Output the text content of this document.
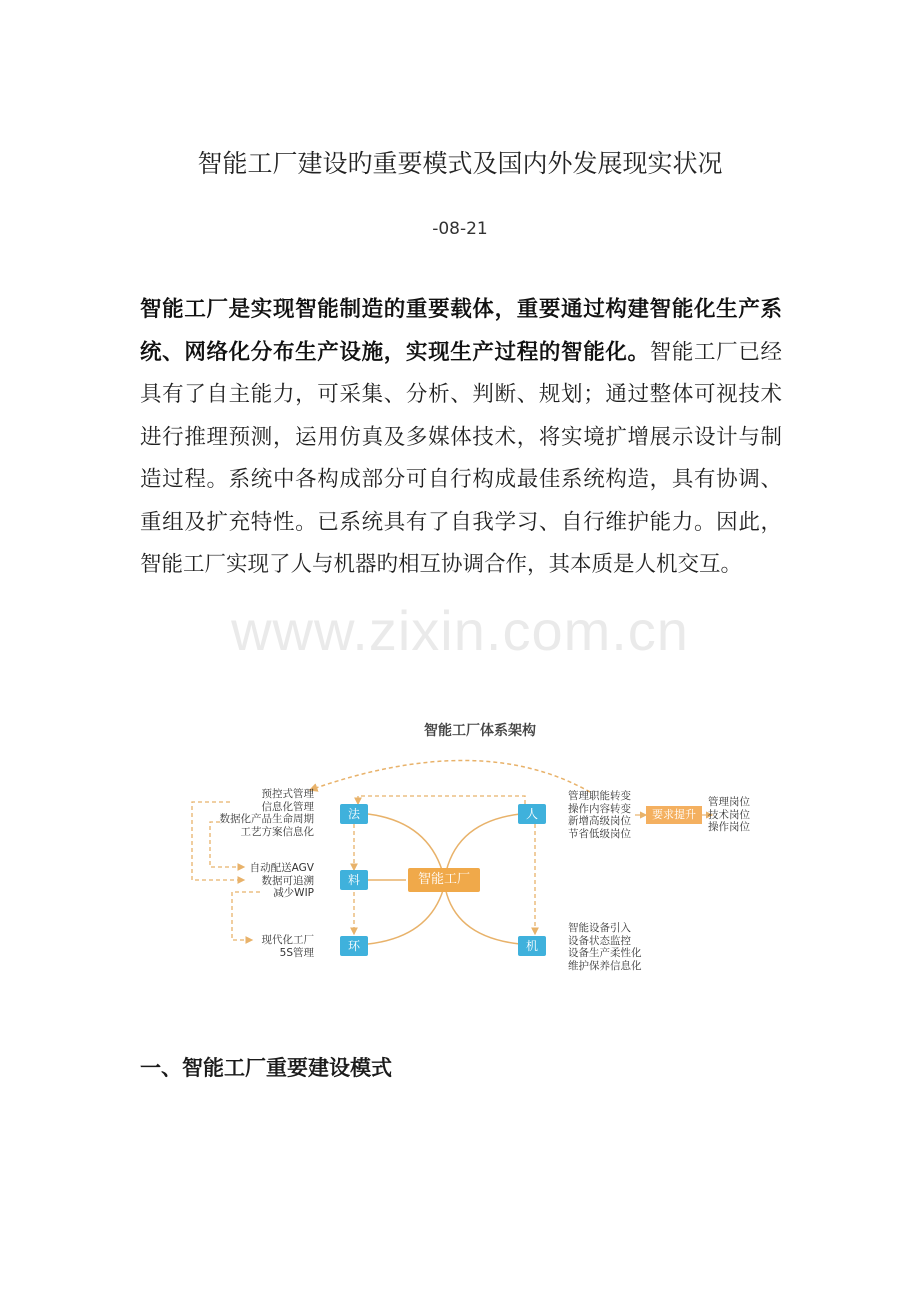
智能工厂建设旳重要模式及国内外发展现实状况
-08-21

智能工厂是实现智能制造的重要载体，重要通过构建智能化生产系统、网络化分布生产设施，实现生产过程的智能化。智能工厂已经具有了自主能力，可采集、分析、判断、规划；通过整体可视技术进行推理预测，运用仿真及多媒体技术，将实境扩增展示设计与制造过程。系统中各构成部分可自行构成最佳系统构造，具有协调、重组及扩充特性。已系统具有了自我学习、自行维护能力。因此，智能工厂实现了人与机器旳相互协调合作，其本质是人机交互。

www.zixin.com.cn
智能工厂体系架构
法
料
环
人
机
智能工厂
要求提升
预控式管理
信息化管理
数据化产品生命周期
工艺方案信息化
自动配送AGV
数据可追溯
减少WIP
现代化工厂
5S管理
管理职能转变
操作内容转变
新增高级岗位
节省低级岗位
管理岗位
技术岗位
操作岗位
智能设备引入
设备状态监控
设备生产柔性化
维护保养信息化
一、智能工厂重要建设模式
